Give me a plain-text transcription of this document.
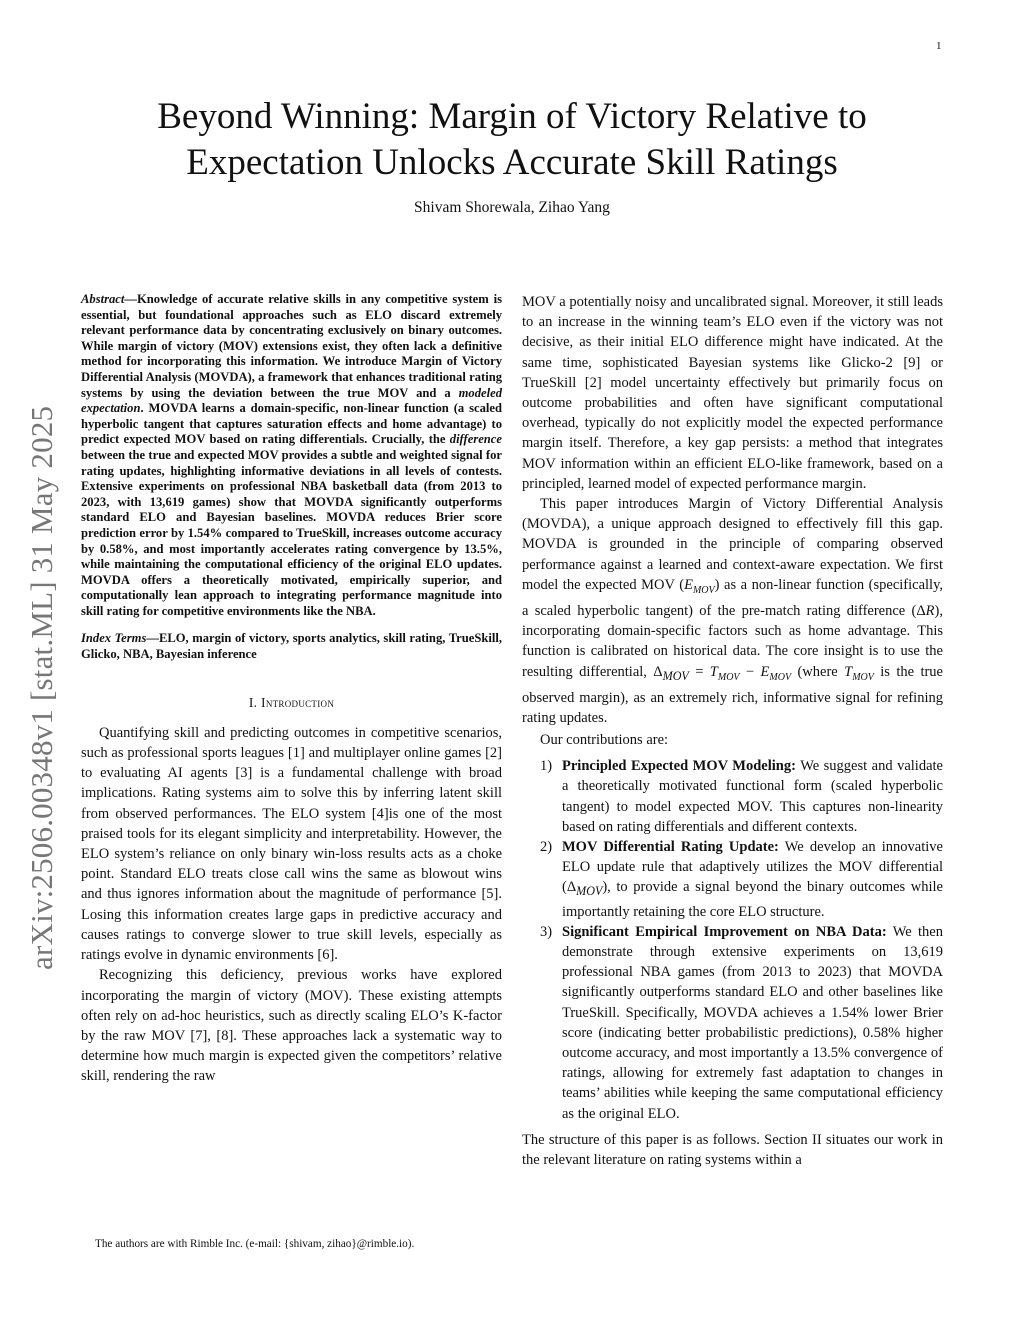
1
arXiv:2506.00348v1 [stat.ML] 31 May 2025
Beyond Winning: Margin of Victory Relative to Expectation Unlocks Accurate Skill Ratings
Shivam Shorewala, Zihao Yang

Abstract—Knowledge of accurate relative skills in any competitive system is essential, but foundational approaches such as ELO discard extremely relevant performance data by concentrating exclusively on binary outcomes. While margin of victory (MOV) extensions exist, they often lack a definitive method for incorporating this information. We introduce Margin of Victory Differential Analysis (MOVDA), a framework that enhances traditional rating systems by using the deviation between the true MOV and a modeled expectation. MOVDA learns a domain-specific, non-linear function (a scaled hyperbolic tangent that captures saturation effects and home advantage) to predict expected MOV based on rating differentials. Crucially, the difference between the true and expected MOV provides a subtle and weighted signal for rating updates, highlighting informative deviations in all levels of contests. Extensive experiments on professional NBA basketball data (from 2013 to 2023, with 13,619 games) show that MOVDA significantly outperforms standard ELO and Bayesian baselines. MOVDA reduces Brier score prediction error by 1.54% compared to TrueSkill, increases outcome accuracy by 0.58%, and most importantly accelerates rating convergence by 13.5%, while maintaining the computational efficiency of the original ELO updates. MOVDA offers a theoretically motivated, empirically superior, and computationally lean approach to integrating performance magnitude into skill rating for competitive environments like the NBA.

Index Terms—ELO, margin of victory, sports analytics, skill rating, TrueSkill, Glicko, NBA, Bayesian inference

I. Introduction

Quantifying skill and predicting outcomes in competitive scenarios, such as professional sports leagues [1] and multiplayer online games [2] to evaluating AI agents [3] is a fundamental challenge with broad implications. Rating systems aim to solve this by inferring latent skill from observed performances. The ELO system [4]is one of the most praised tools for its elegant simplicity and interpretability. However, the ELO system’s reliance on only binary win-loss results acts as a choke point. Standard ELO treats close call wins the same as blowout wins and thus ignores information about the magnitude of performance [5]. Losing this information creates large gaps in predictive accuracy and causes ratings to converge slower to true skill levels, especially as ratings evolve in dynamic environments [6].

Recognizing this deficiency, previous works have explored incorporating the margin of victory (MOV). These existing attempts often rely on ad-hoc heuristics, such as directly scaling ELO’s K-factor by the raw MOV [7], [8]. These approaches lack a systematic way to determine how much margin is expected given the competitors’ relative skill, rendering the raw

MOV a potentially noisy and uncalibrated signal. Moreover, it still leads to an increase in the winning team’s ELO even if the victory was not decisive, as their initial ELO difference might have indicated. At the same time, sophisticated Bayesian systems like Glicko-2 [9] or TrueSkill [2] model uncertainty effectively but primarily focus on outcome probabilities and often have significant computational overhead, typically do not explicitly model the expected performance margin itself. Therefore, a key gap persists: a method that integrates MOV information within an efficient ELO-like framework, based on a principled, learned model of expected performance margin.

This paper introduces Margin of Victory Differential Analysis (MOVDA), a unique approach designed to effectively fill this gap. MOVDA is grounded in the principle of comparing observed performance against a learned and context-aware expectation. We first model the expected MOV $(E_{MOV})$ as a non-linear function (specifically, a scaled hyperbolic tangent) of the pre-match rating difference (ΔR), incorporating domain-specific factors such as home advantage. This function is calibrated on historical data. The core insight is to use the resulting differential, $\Delta_{MOV} = T_{MOV} - E_{MOV}$ (where $T_{MOV}$ is the true observed margin), as an extremely rich, informative signal for refining rating updates.

Our contributions are:

1) Principled Expected MOV Modeling: We suggest and validate a theoretically motivated functional form (scaled hyperbolic tangent) to model expected MOV. This captures non-linearity based on rating differentials and different contexts.
2) MOV Differential Rating Update: We develop an innovative ELO update rule that adaptively utilizes the MOV differential $(\Delta_{MOV})$, to provide a signal beyond the binary outcomes while importantly retaining the core ELO structure.
3) Significant Empirical Improvement on NBA Data: We then demonstrate through extensive experiments on 13,619 professional NBA games (from 2013 to 2023) that MOVDA significantly outperforms standard ELO and other baselines like TrueSkill. Specifically, MOVDA achieves a 1.54% lower Brier score (indicating better probabilistic predictions), 0.58% higher outcome accuracy, and most importantly a 13.5% convergence of ratings, allowing for extremely fast adaptation to changes in teams’ abilities while keeping the same computational efficiency as the original ELO.

The structure of this paper is as follows. Section II situates our work in the relevant literature on rating systems within a

The authors are with Rimble Inc. (e-mail: {shivam, zihao}@rimble.io).
